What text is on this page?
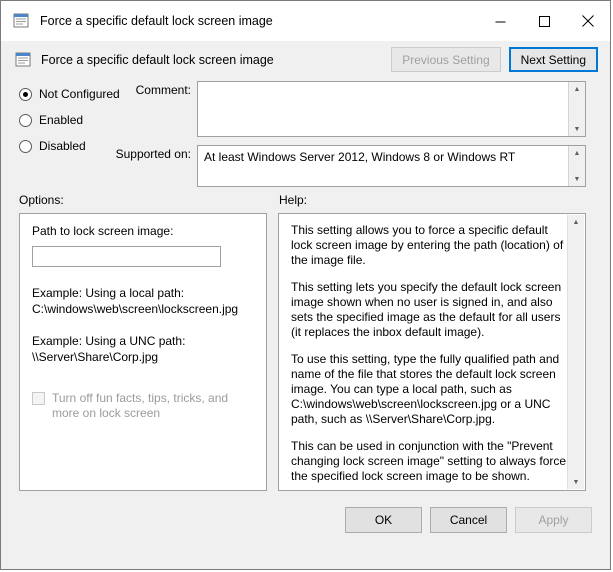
Force a specific default lock screen image
Force a specific default lock screen image	Previous Setting	Next Setting
Not Configured
Enabled
Disabled
Comment:	▲
▼
Supported on:	At least Windows Server 2012, Windows 8 or Windows RT	▲
▼
Options:	Help:
Path to lock screen image:
Example: Using a local path:
C:\windows\web\screen\lockscreen.jpg
Example: Using a UNC path:
\\Server\Share\Corp.jpg
Turn off fun facts, tips, tricks, and more on lock screen

This setting allows you to force a specific default lock screen image by entering the path (location) of the image file.

This setting lets you specify the default lock screen image shown when no user is signed in, and also sets the specified image as the default for all users (it replaces the inbox default image).

To use this setting, type the fully qualified path and name of the file that stores the default lock screen image. You can type a local path, such as C:\windows\web\screen\lockscreen.jpg or a UNC path, such as \\Server\Share\Corp.jpg.

This can be used in conjunction with the "Prevent changing lock screen image" setting to always force the specified lock screen image to be shown.

▲
▼
OK	Cancel	Apply
